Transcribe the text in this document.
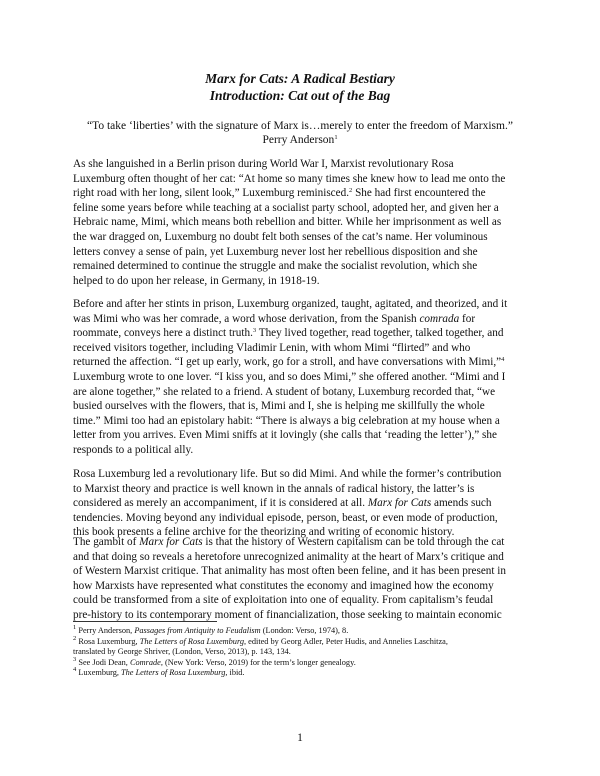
Marx for Cats: A Radical Bestiary
Introduction: Cat out of the Bag
“To take ‘liberties’ with the signature of Marx is…merely to enter the freedom of Marxism.”
Perry Anderson$^1$

As she languished in a Berlin prison during World War I, Marxist revolutionary Rosa
Luxemburg often thought of her cat: “At home so many times she knew how to lead me onto the
right road with her long, silent look,” Luxemburg reminisced.$^2$ She had first encountered the
feline some years before while teaching at a socialist party school, adopted her, and given her a
Hebraic name, Mimi, which means both rebellion and bitter. While her imprisonment as well as
the war dragged on, Luxemburg no doubt felt both senses of the cat’s name. Her voluminous
letters convey a sense of pain, yet Luxemburg never lost her rebellious disposition and she
remained determined to continue the struggle and make the socialist revolution, which she
helped to do upon her release, in Germany, in 1918-19.

Before and after her stints in prison, Luxemburg organized, taught, agitated, and theorized, and it
was Mimi who was her comrade, a word whose derivation, from the Spanish comrada for
roommate, conveys here a distinct truth.$^3$ They lived together, read together, talked together, and
received visitors together, including Vladimir Lenin, with whom Mimi “flirted” and who
returned the affection. “I get up early, work, go for a stroll, and have conversations with Mimi,”$^4$
Luxemburg wrote to one lover. “I kiss you, and so does Mimi,” she offered another. “Mimi and I
are alone together,” she related to a friend. A student of botany, Luxemburg recorded that, “we
busied ourselves with the flowers, that is, Mimi and I, she is helping me skillfully the whole
time.” Mimi too had an epistolary habit: “There is always a big celebration at my house when a
letter from you arrives. Even Mimi sniffs at it lovingly (she calls that ‘reading the letter’),” she
responds to a political ally.

Rosa Luxemburg led a revolutionary life. But so did Mimi. And while the former’s contribution
to Marxist theory and practice is well known in the annals of radical history, the latter’s is
considered as merely an accompaniment, if it is considered at all. Marx for Cats amends such
tendencies. Moving beyond any individual episode, person, beast, or even mode of production,
this book presents a feline archive for the theorizing and writing of economic history.

The gambit of Marx for Cats is that the history of Western capitalism can be told through the cat
and that doing so reveals a heretofore unrecognized animality at the heart of Marx’s critique and
of Western Marxist critique. That animality has most often been feline, and it has been present in
how Marxists have represented what constitutes the economy and imagined how the economy
could be transformed from a site of exploitation into one of equality. From capitalism’s feudal
pre-history to its contemporary moment of financialization, those seeking to maintain economic

$^1$ Perry Anderson, Passages from Antiquity to Feudalism (London: Verso, 1974), 8.
$^2$ Rosa Luxemburg, The Letters of Rosa Luxemburg, edited by Georg Adler, Peter Hudis, and Annelies Laschitza,
translated by George Shriver, (London, Verso, 2013), p. 143, 134.
$^3$ See Jodi Dean, Comrade, (New York: Verso, 2019) for the term’s longer genealogy.
$^4$ Luxemburg, The Letters of Rosa Luxemburg, ibid.
1
